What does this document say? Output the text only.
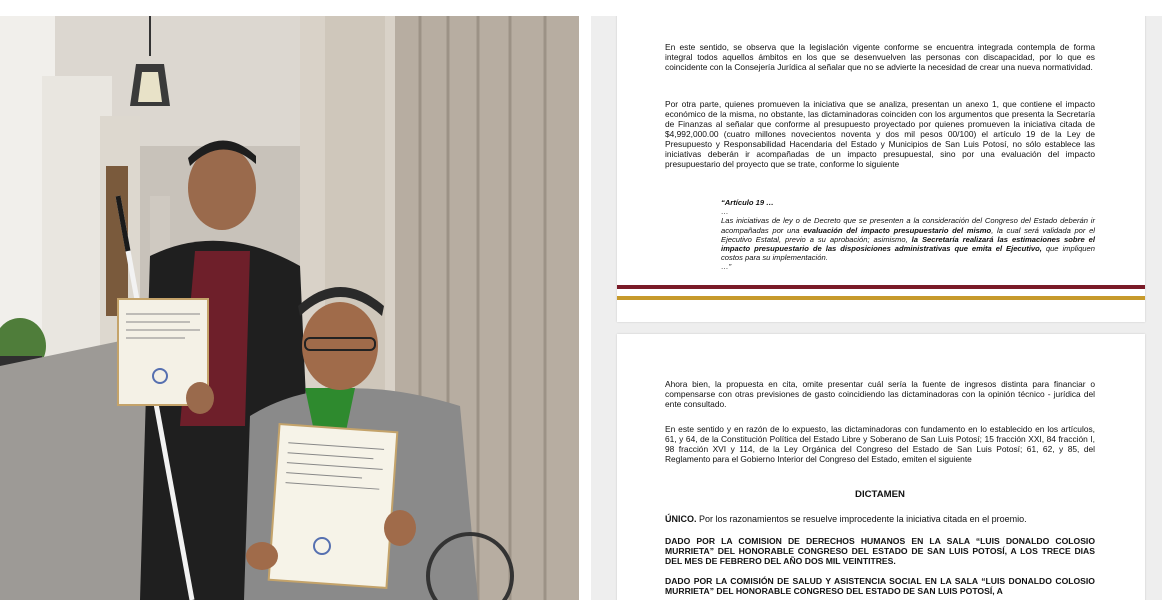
En este sentido, se observa que la legislación vigente conforme se encuentra integrada contempla de forma integral todos aquellos ámbitos en los que se desenvuelven las personas con discapacidad, por lo que es coincidente con la Consejería Jurídica al señalar que no se advierte la necesidad de crear una nueva normatividad.

Por otra parte, quienes promueven la iniciativa que se analiza, presentan un anexo 1, que contiene el impacto económico de la misma, no obstante, las dictaminadoras coinciden con los argumentos que presenta la Secretaría de Finanzas al señalar que conforme al presupuesto proyectado por quienes promueven la iniciativa citada de $4,992,000.00 (cuatro millones novecientos noventa y dos mil pesos 00/100) el artículo 19 de la Ley de Presupuesto y Responsabilidad Hacendaria del Estado y Municipios de San Luis Potosí, no sólo establece las iniciativas deberán ir acompañadas de un impacto presupuestal, sino por una evaluación del impacto presupuestario del proyecto que se trate, conforme lo siguiente

“Artículo 19 …

…

Las iniciativas de ley o de Decreto que se presenten a la consideración del Congreso del Estado deberán ir acompañadas por una evaluación del impacto presupuestario del mismo, la cual será validada por el Ejecutivo Estatal, previo a su aprobación; asimismo, la Secretaría realizará las estimaciones sobre el impacto presupuestario de las disposiciones administrativas que emita el Ejecutivo, que impliquen costos para su implementación.

…”

Ahora bien, la propuesta en cita, omite presentar cuál sería la fuente de ingresos distinta para financiar o compensarse con otras previsiones de gasto coincidiendo las dictaminadoras con la opinión técnico - jurídica del ente consultado.

En este sentido y en razón de lo expuesto, las dictaminadoras con fundamento en lo establecido en los artículos, 61, y 64, de la Constitución Política del Estado Libre y Soberano de San Luis Potosí; 15 fracción XXI, 84 fracción I, 98 fracción XVI y 114, de la Ley Orgánica del Congreso del Estado de San Luis Potosí; 61, 62, y 85, del Reglamento para el Gobierno Interior del Congreso del Estado, emiten el siguiente

DICTAMEN

ÚNICO. Por los razonamientos se resuelve improcedente la iniciativa citada en el proemio.

DADO POR LA COMISION DE DERECHOS HUMANOS EN LA SALA “LUIS DONALDO COLOSIO MURRIETA” DEL HONORABLE CONGRESO DEL ESTADO DE SAN LUIS POTOSÍ, A LOS TRECE DIAS DEL MES DE FEBRERO DEL AÑO DOS MIL VEINTITRES.

DADO POR LA COMISIÓN DE SALUD Y ASISTENCIA SOCIAL EN LA SALA “LUIS DONALDO COLOSIO MURRIETA” DEL HONORABLE CONGRESO DEL ESTADO DE SAN LUIS POTOSÍ, A
